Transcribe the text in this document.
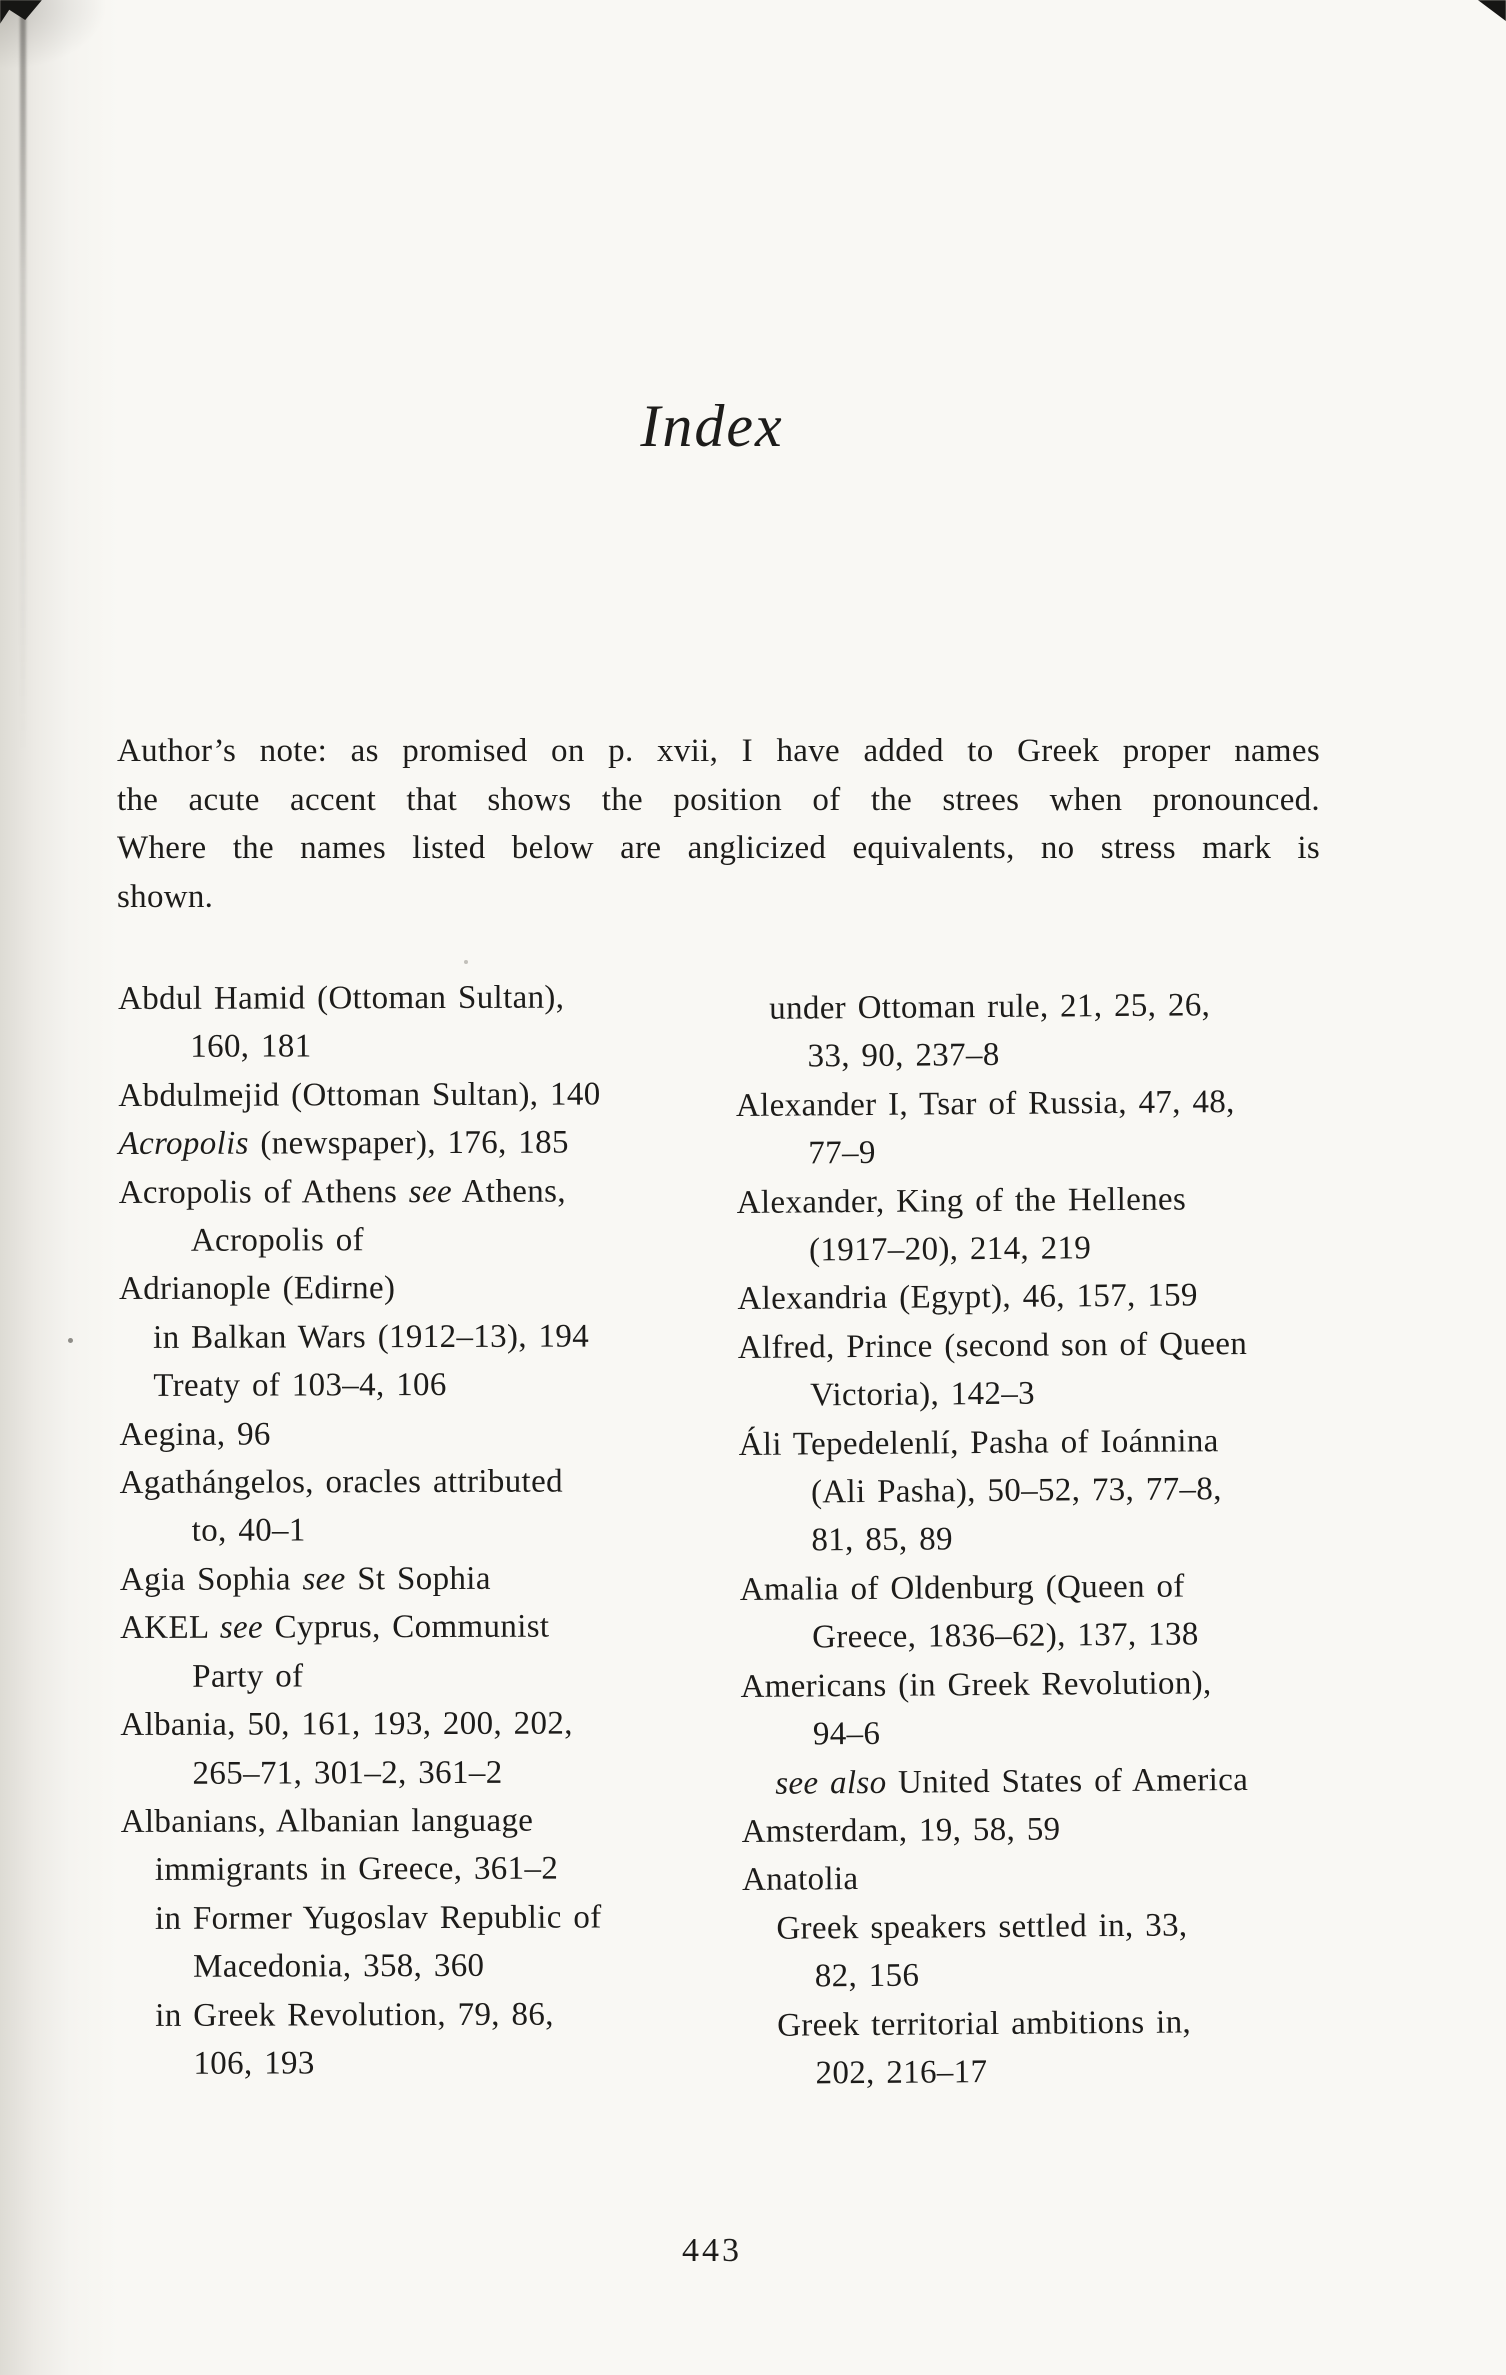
Index
Author’s note: as promised on p. xvii, I have added to Greek proper names
the acute accent that shows the position of the strees when pronounced.
Where the names listed below are anglicized equivalents, no stress mark is
shown.
Abdul Hamid (Ottoman Sultan),
160, 181
Abdulmejid (Ottoman Sultan), 140
Acropolis (newspaper), 176, 185
Acropolis of Athens see Athens,
Acropolis of
Adrianople (Edirne)
in Balkan Wars (1912–13), 194
Treaty of 103–4, 106
Aegina, 96
Agathángelos, oracles attributed
to, 40–1
Agia Sophia see St Sophia
AKEL see Cyprus, Communist
Party of
Albania, 50, 161, 193, 200, 202,
265–71, 301–2, 361–2
Albanians, Albanian language
immigrants in Greece, 361–2
in Former Yugoslav Republic of
Macedonia, 358, 360
in Greek Revolution, 79, 86,
106, 193
under Ottoman rule, 21, 25, 26,
33, 90, 237–8
Alexander I, Tsar of Russia, 47, 48,
77–9
Alexander, King of the Hellenes
(1917–20), 214, 219
Alexandria (Egypt), 46, 157, 159
Alfred, Prince (second son of Queen
Victoria), 142–3
Áli Tepedelenlí, Pasha of Ioánnina
(Ali Pasha), 50–52, 73, 77–8,
81, 85, 89
Amalia of Oldenburg (Queen of
Greece, 1836–62), 137, 138
Americans (in Greek Revolution),
94–6
see also United States of America
Amsterdam, 19, 58, 59
Anatolia
Greek speakers settled in, 33,
82, 156
Greek territorial ambitions in,
202, 216–17
443
